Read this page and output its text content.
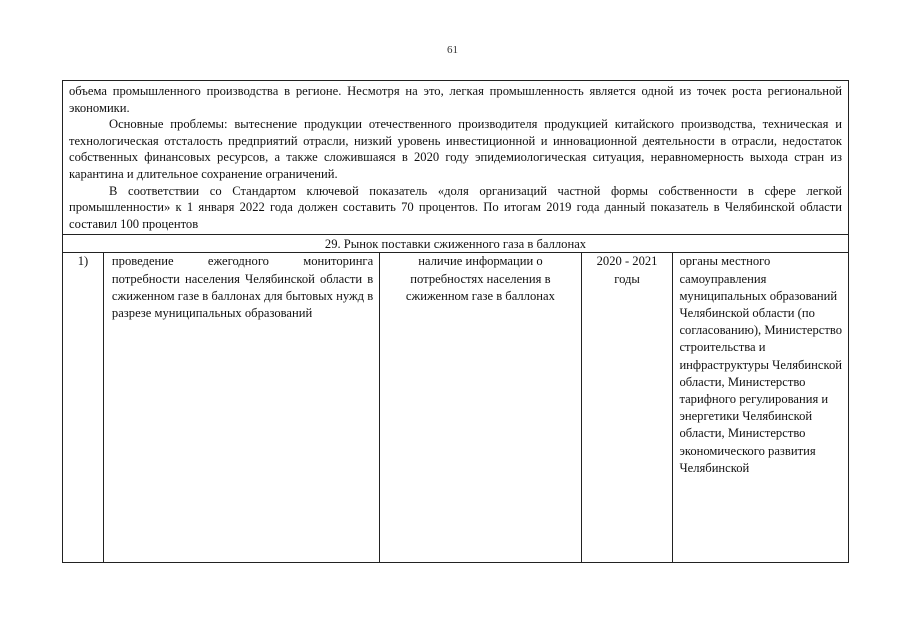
61

объема промышленного производства в регионе. Несмотря на это, легкая промышленность является одной из точек роста региональной экономики.

Основные проблемы: вытеснение продукции отечественного производителя продукцией китайского производства, техническая и технологическая отсталость предприятий отрасли, низкий уровень инвестиционной и инновационной деятельности в отрасли, недостаток собственных финансовых ресурсов, а также сложившаяся в 2020 году эпидемиологическая ситуация, неравномерность выхода стран из карантина и длительное сохранение ограничений.

В соответствии со Стандартом ключевой показатель «доля организаций частной формы собственности в сфере легкой промышленности» к 1 января 2022 года должен составить 70 процентов. По итогам 2019 года данный показатель в Челябинской области составил 100 процентов

29. Рынок поставки сжиженного газа в баллонах
1)	проведение ежегодного мониторинга потребности населения Челябинской области в сжиженном газе в баллонах для бытовых нужд в разрезе муниципальных образований
наличие информации о потребностях населения в сжиженном газе в баллонах
2020 - 2021 годы
органы местного самоуправления муниципальных образований Челябинской области (по согласованию), Министерство строительства и инфраструктуры Челябинской области, Министерство тарифного регулирования и энергетики Челябинской области, Министерство экономического развития Челябинской
